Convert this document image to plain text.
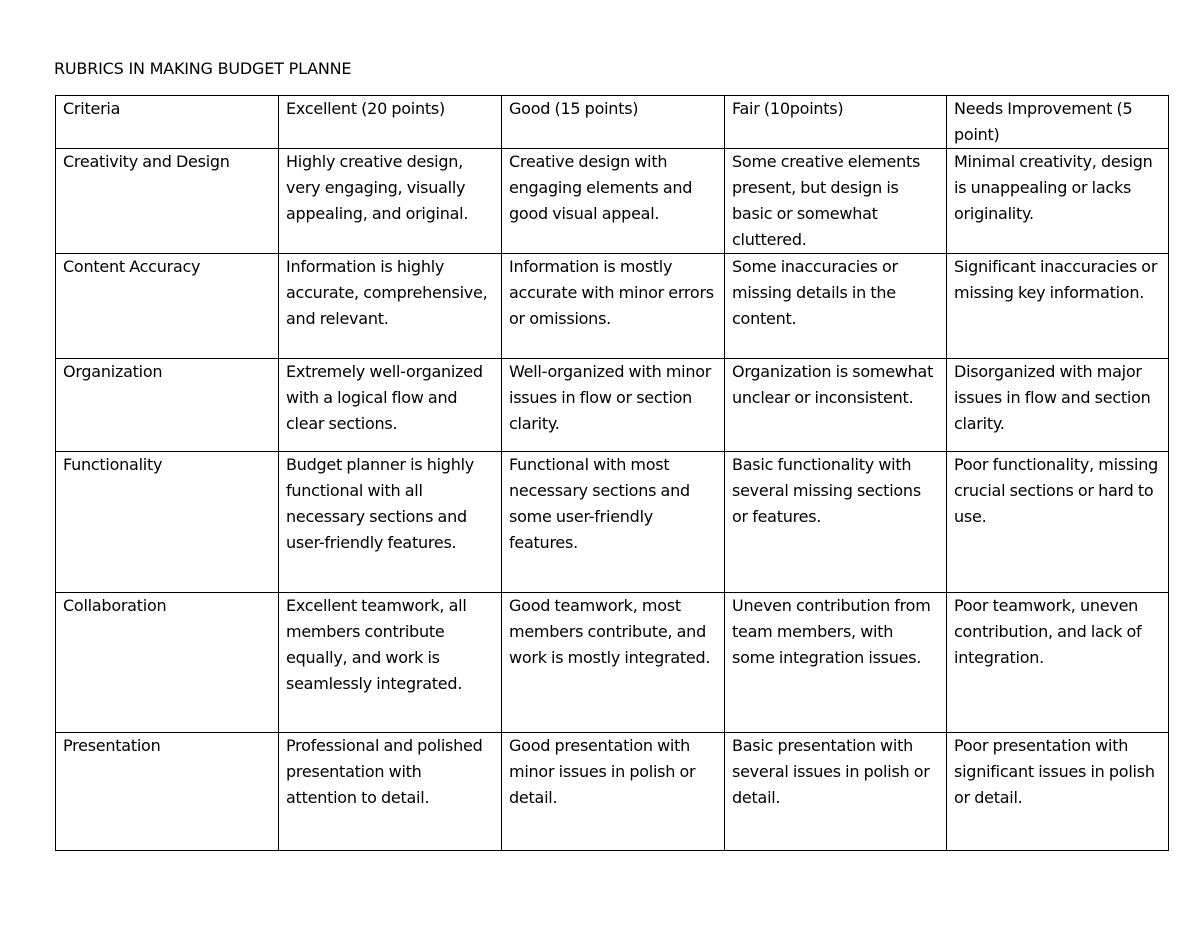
RUBRICS IN MAKING BUDGET PLANNE
Criteria	Excellent (20 points)	Good (15 points)	Fair (10points)	Needs Improvement (5 point)
Creativity and Design	Highly creative design, very engaging, visually appealing, and original.	Creative design with engaging elements and good visual appeal.	Some creative elements present, but design is basic or somewhat cluttered.	Minimal creativity, design is unappealing or lacks originality.
Content Accuracy	Information is highly accurate, comprehensive, and relevant.	Information is mostly accurate with minor errors or omissions.	Some inaccuracies or missing details in the content.	Significant inaccuracies or missing key information.
Organization	Extremely well-organized with a logical flow and clear sections.	Well-organized with minor issues in flow or section clarity.	Organization is somewhat unclear or inconsistent.	Disorganized with major issues in flow and section clarity.
Functionality	Budget planner is highly functional with all necessary sections and user-friendly features.	Functional with most necessary sections and some user-friendly features.	Basic functionality with several missing sections or features.	Poor functionality, missing crucial sections or hard to use.
Collaboration	Excellent teamwork, all members contribute equally, and work is seamlessly integrated.	Good teamwork, most members contribute, and work is mostly integrated.	Uneven contribution from team members, with some integration issues.	Poor teamwork, uneven contribution, and lack of integration.
Presentation	Professional and polished presentation with attention to detail.	Good presentation with minor issues in polish or detail.	Basic presentation with several issues in polish or detail.	Poor presentation with significant issues in polish or detail.
